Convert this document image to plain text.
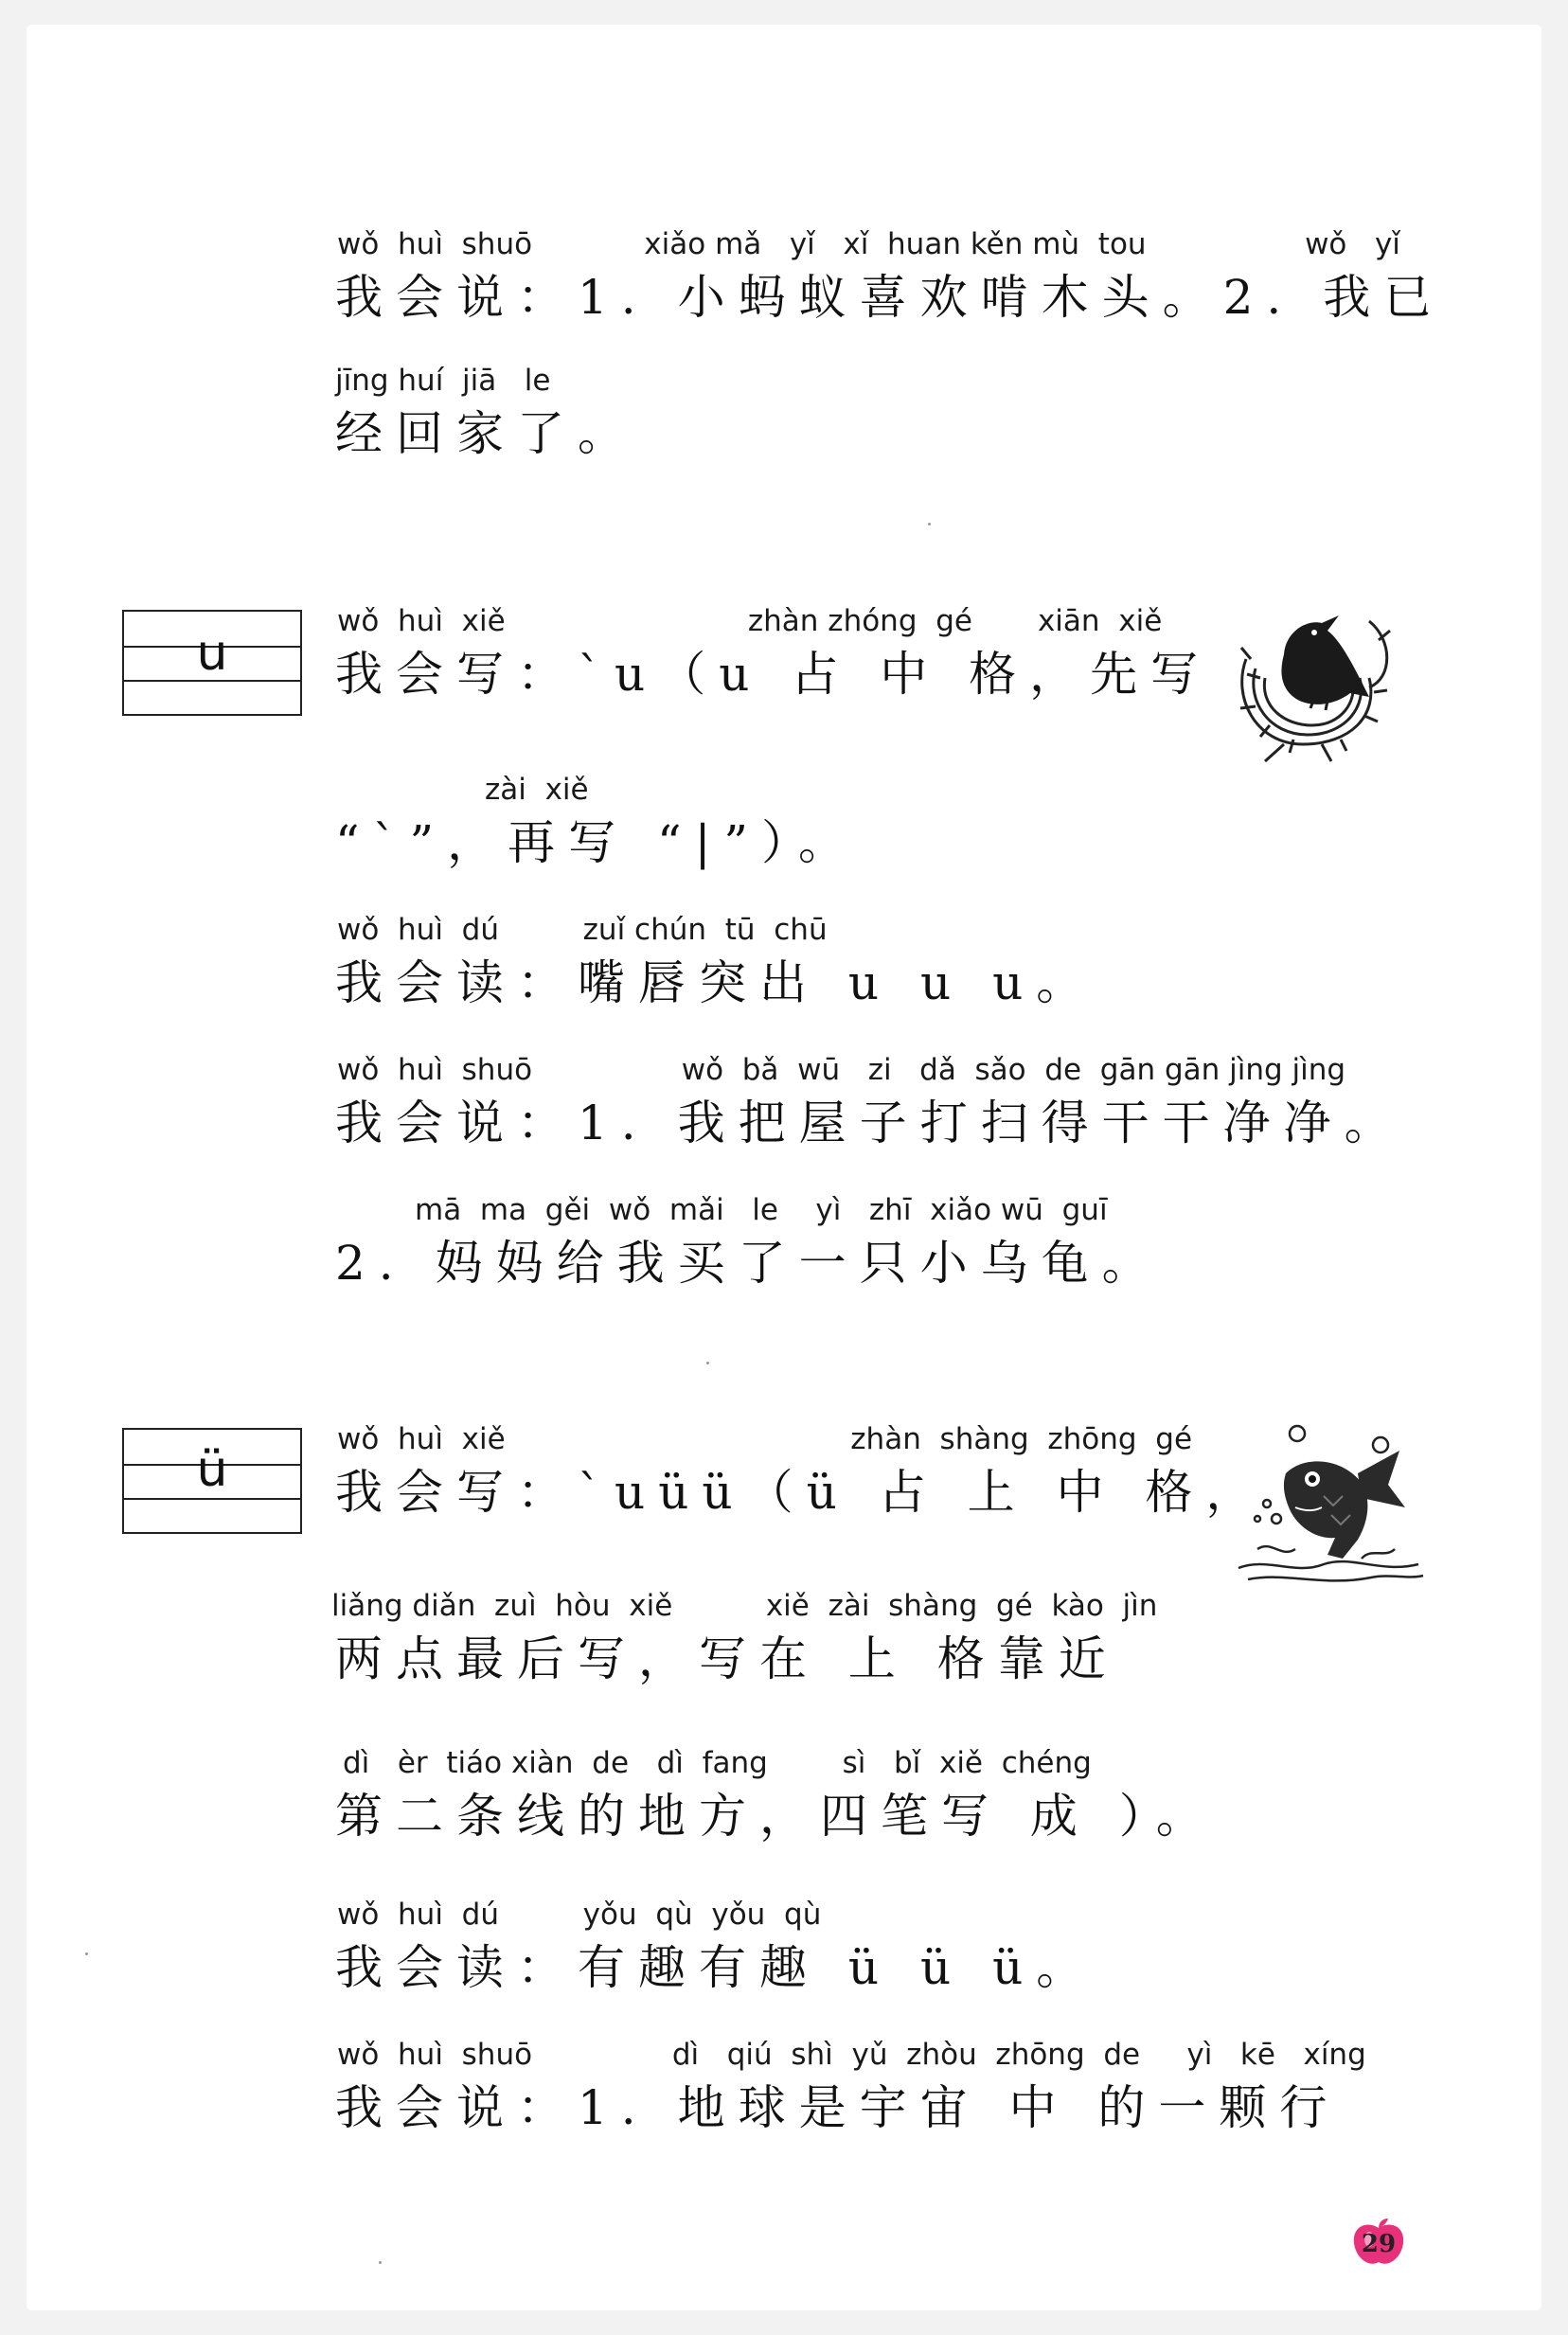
wǒ  huì  shuō            xiǎo mǎ   yǐ   xǐ  huan kěn mù  tou                 wǒ   yǐ
我会说：1. 小蚂蚁喜欢啃木头。2. 我已
jīng huí  jiā   le
经回家了。
u
wǒ  huì  xiě                          zhàn zhóng  gé       xiān  xiě
我会写：ˋu（u 占 中 格，先写
zài  xiě
“ˋ”，再写 “|”）。
wǒ  huì  dú         zuǐ chún  tū  chū
我会读：嘴唇突出 u u u。
wǒ  huì  shuō                wǒ  bǎ  wū   zi   dǎ  sǎo  de  gān gān jìng jìng
我会说：1. 我把屋子打扫得干干净净。
mā  ma  gěi  wǒ  mǎi   le    yì   zhī  xiǎo wū  guī
2. 妈妈给我买了一只小乌龟。
ü
wǒ  huì  xiě                                     zhàn  shàng  zhōng  gé
我会写：ˋuüü（ü 占 上 中 格，
liǎng diǎn  zuì  hòu  xiě          xiě  zài  shàng  gé  kào  jìn
两点最后写，写在 上 格靠近
dì   èr  tiáo xiàn  de   dì  fang        sì   bǐ  xiě  chéng
第二条线的地方，四笔写 成 ）。
wǒ  huì  dú         yǒu  qù  yǒu  qù
我会读：有趣有趣 ü ü ü。
wǒ  huì  shuō               dì   qiú  shì  yǔ  zhòu  zhōng  de     yì   kē   xíng
我会说：1. 地球是宇宙 中 的一颗行
29
